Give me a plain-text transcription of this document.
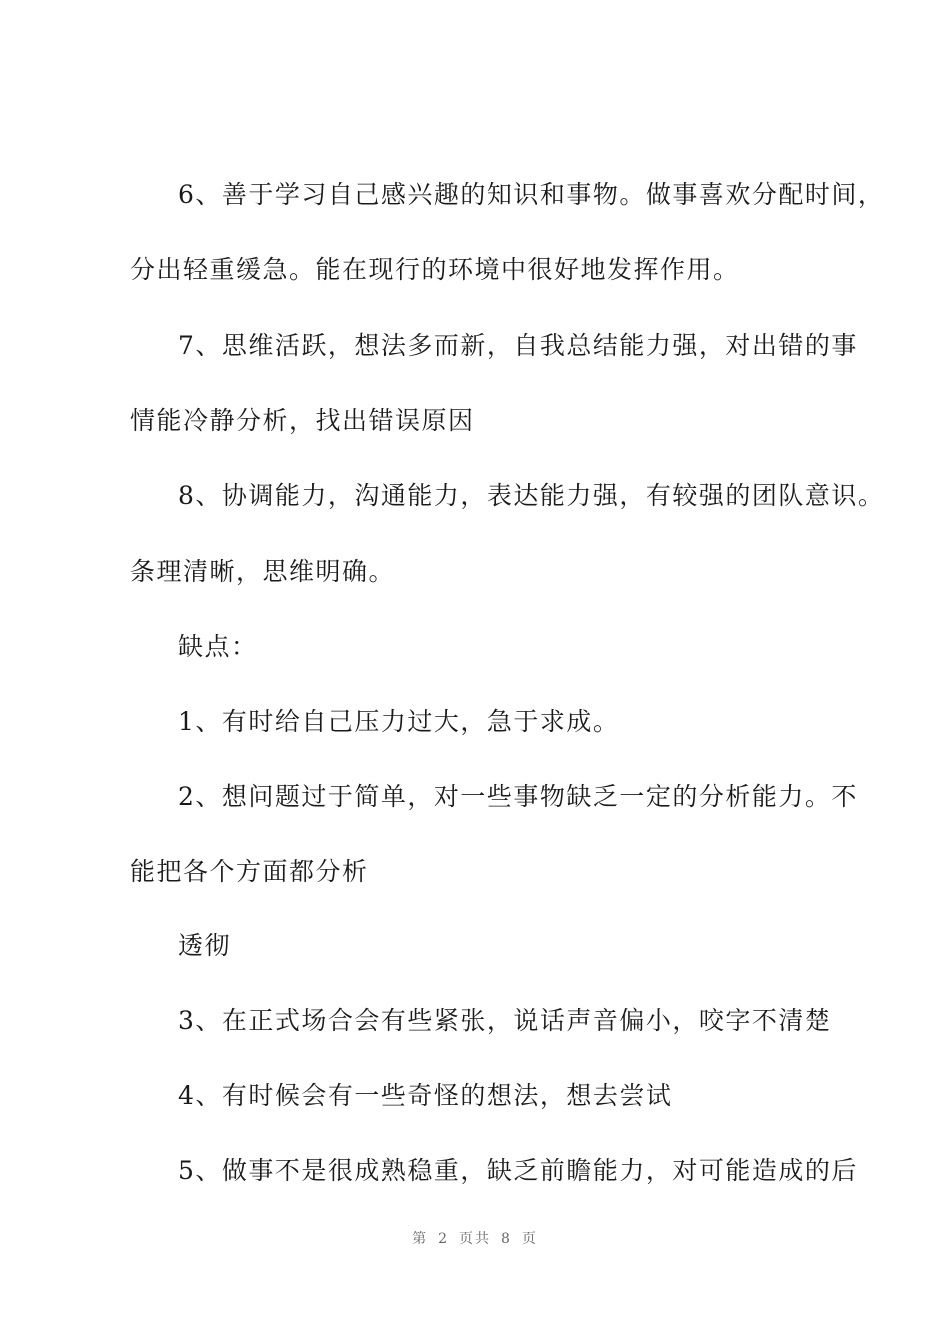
6、善于学习自己感兴趣的知识和事物。做事喜欢分配时间，
分出轻重缓急。能在现行的环境中很好地发挥作用。
7、思维活跃，想法多而新，自我总结能力强，对出错的事
情能冷静分析，找出错误原因
8、协调能力，沟通能力，表达能力强，有较强的团队意识。
条理清晰，思维明确。
缺点：
1、有时给自己压力过大，急于求成。
2、想问题过于简单，对一些事物缺乏一定的分析能力。不
能把各个方面都分析
透彻
3、在正式场合会有些紧张，说话声音偏小，咬字不清楚
4、有时候会有一些奇怪的想法，想去尝试
5、做事不是很成熟稳重，缺乏前瞻能力，对可能造成的后
第 2 页共 8 页
